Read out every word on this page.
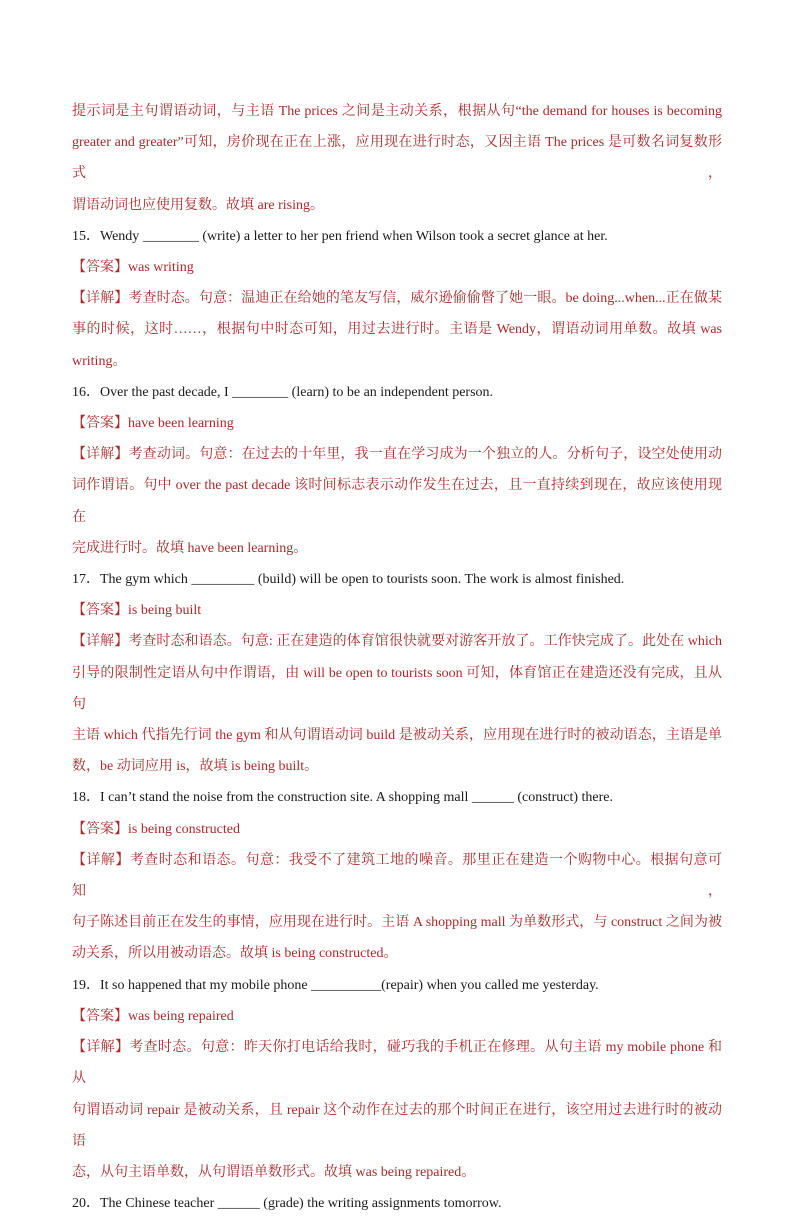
提示词是主句谓语动词，与主语 The prices 之间是主动关系，根据从句“the demand for houses is becoming
greater and greater”可知，房价现在正在上涨，应用现在进行时态，又因主语 The prices 是可数名词复数形式，
谓语动词也应使用复数。故填 are rising。
15．Wendy ________ (write) a letter to her pen friend when Wilson took a secret glance at her.
【答案】was writing
【详解】考查时态。句意：温迪正在给她的笔友写信，威尔逊偷偷瞥了她一眼。be doing...when...正在做某
事的时候，这时……，根据句中时态可知，用过去进行时。主语是 Wendy，谓语动词用单数。故填 was
writing。
16．Over the past decade, I ________ (learn) to be an independent person.
【答案】have been learning
【详解】考查动词。句意：在过去的十年里，我一直在学习成为一个独立的人。分析句子，设空处使用动
词作谓语。句中 over the past decade 该时间标志表示动作发生在过去，且一直持续到现在，故应该使用现在
完成进行时。故填 have been learning。
17．The gym which _________ (build) will be open to tourists soon. The work is almost finished.
【答案】is being built
【详解】考查时态和语态。句意: 正在建造的体育馆很快就要对游客开放了。工作快完成了。此处在 which
引导的限制性定语从句中作谓语，由 will be open to tourists soon 可知，体育馆正在建造还没有完成，且从句
主语 which 代指先行词 the gym 和从句谓语动词 build 是被动关系，应用现在进行时的被动语态，主语是单
数，be 动词应用 is，故填 is being built。
18．I can’t stand the noise from the construction site. A shopping mall ______ (construct) there.
【答案】is being constructed
【详解】考查时态和语态。句意：我受不了建筑工地的噪音。那里正在建造一个购物中心。根据句意可知，
句子陈述目前正在发生的事情，应用现在进行时。主语 A shopping mall 为单数形式，与 construct 之间为被
动关系，所以用被动语态。故填 is being constructed。
19．It so happened that my mobile phone __________(repair) when you called me yesterday.
【答案】was being repaired
【详解】考查时态。句意：昨天你打电话给我时，碰巧我的手机正在修理。从句主语 my mobile phone 和从
句谓语动词 repair 是被动关系，且 repair 这个动作在过去的那个时间正在进行，该空用过去进行时的被动语
态，从句主语单数，从句谓语单数形式。故填 was being repaired。
20．The Chinese teacher ______ (grade) the writing assignments tomorrow.
